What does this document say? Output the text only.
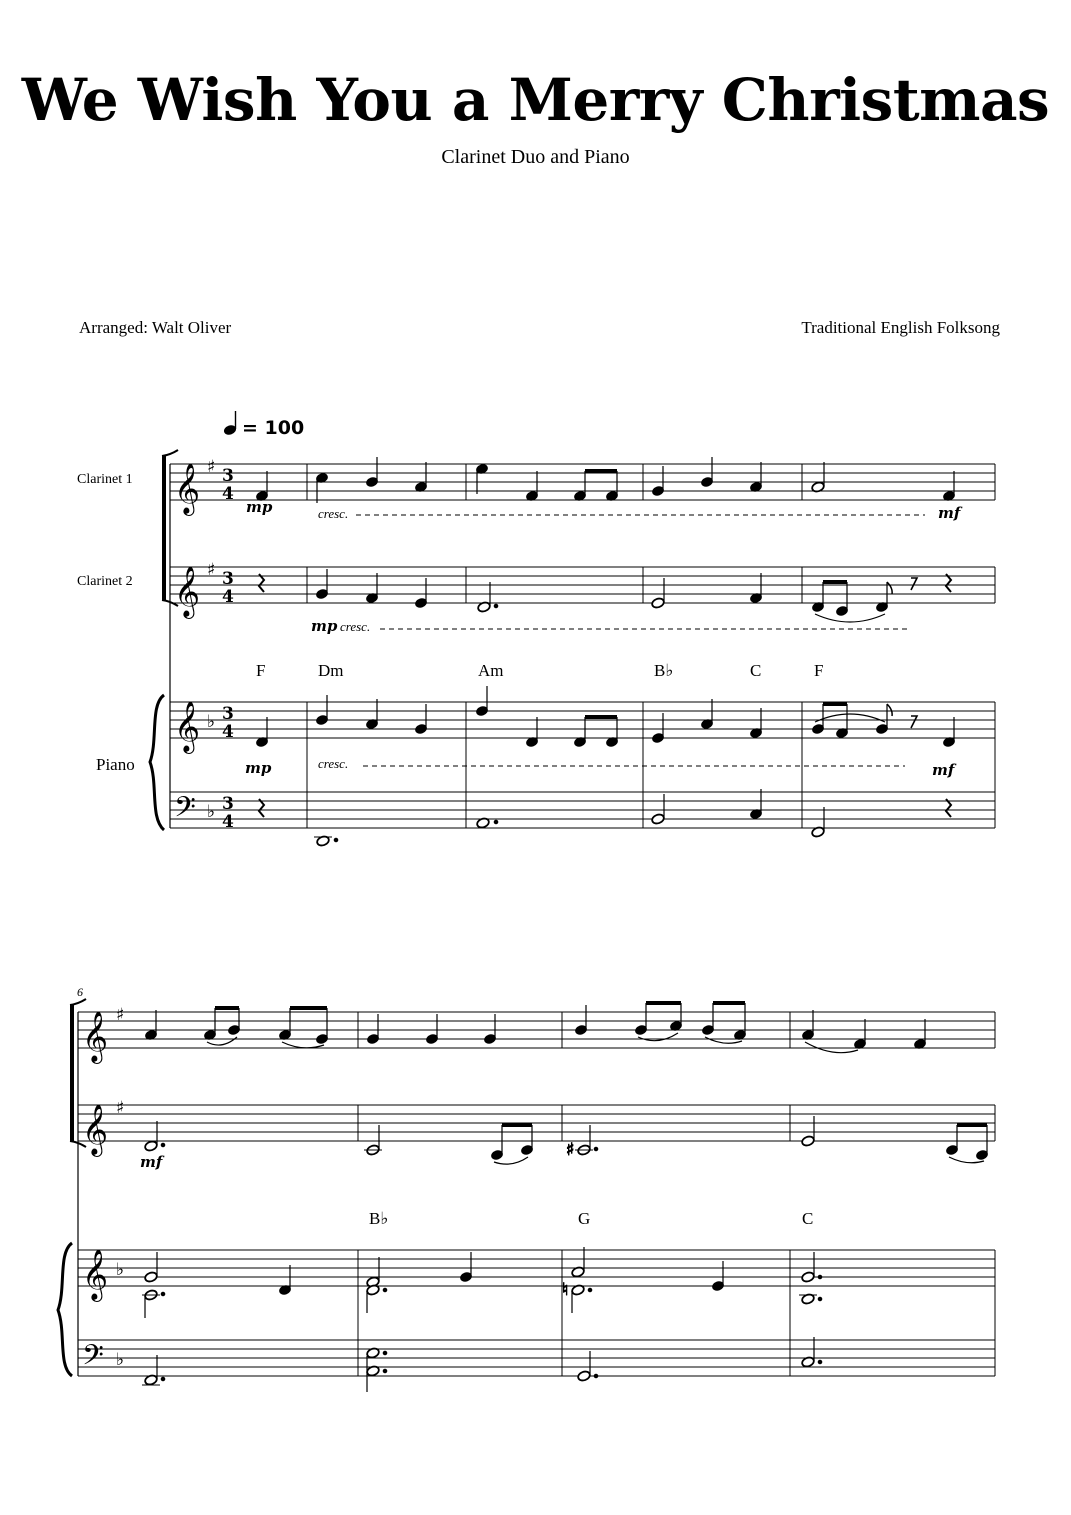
We Wish You a Merry Christmas
Clarinet Duo and Piano
Arranged: Walt Oliver	Traditional English Folksong
= 100
Clarinet 1
Clarinet 2
Piano
𝄞
𝄞
𝄞
𝄢
♯
♯
♭
♭
3
4
3
4
3
4
3
4
mp	cresc.	mf
mp cresc.
F	Dm	Am	B♭	C	F
mp	cresc.	mf
6
𝄞
𝄞
𝄞
𝄢
♯
♯
♭
♭
♯
mf
B♭	G	C
♮
